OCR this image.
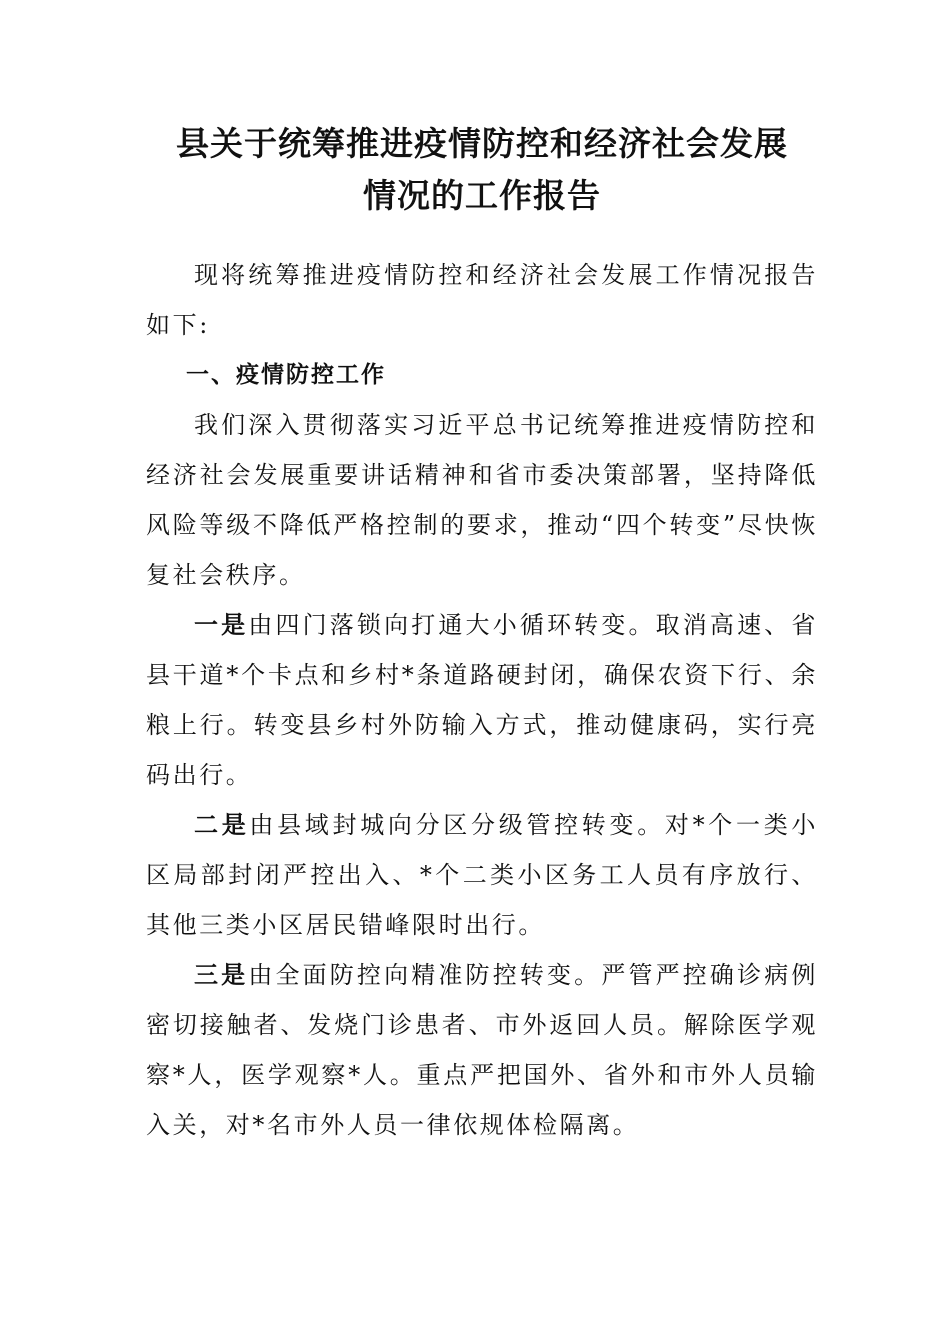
县关于统筹推进疫情防控和经济社会发展
情况的工作报告

现将统筹推进疫情防控和经济社会发展工作情况报告如下:

一、疫情防控工作

我们深入贯彻落实习近平总书记统筹推进疫情防控和经济社会发展重要讲话精神和省市委决策部署，坚持降低风险等级不降低严格控制的要求，推动“四个转变”尽快恢复社会秩序。

一是由四门落锁向打通大小循环转变。取消高速、省县干道*个卡点和乡村*条道路硬封闭，确保农资下行、余粮上行。转变县乡村外防输入方式，推动健康码，实行亮码出行。

二是由县域封城向分区分级管控转变。对*个一类小区局部封闭严控出入、*个二类小区务工人员有序放行、其他三类小区居民错峰限时出行。

三是由全面防控向精准防控转变。严管严控确诊病例密切接触者、发烧门诊患者、市外返回人员。解除医学观察*人，医学观察*人。重点严把国外、省外和市外人员输入关，对*名市外人员一律依规体检隔离。
